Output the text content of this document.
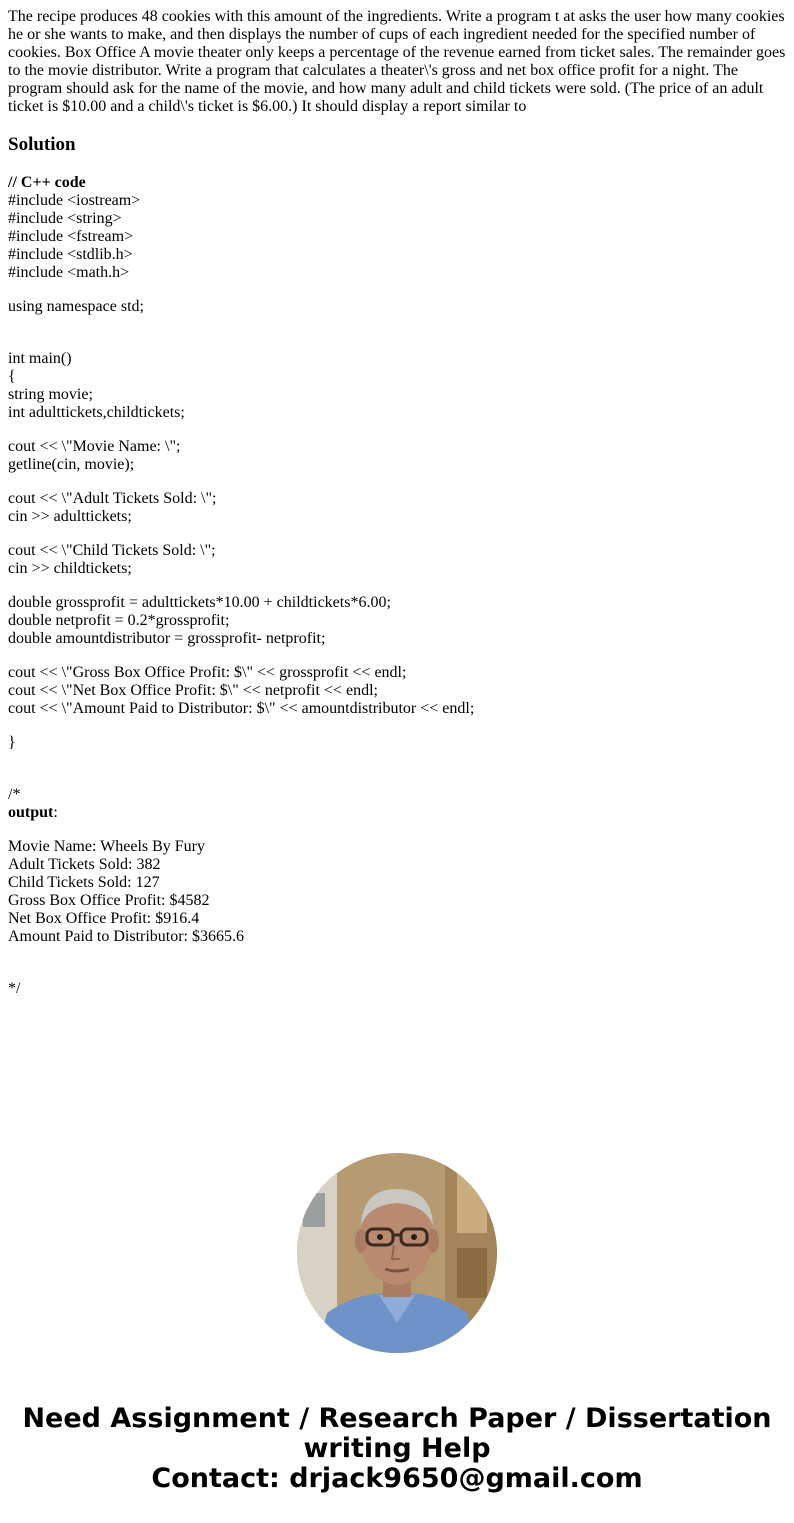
The recipe produces 48 cookies with this amount of the ingredients. Write a program t at asks the user how many cookies he or she wants to make, and then displays the number of cups of each ingredient needed for the specified number of cookies. Box Office A movie theater only keeps a percentage of the revenue earned from ticket sales. The remainder goes to the movie distributor. Write a program that calculates a theater\'s gross and net box office profit for a night. The program should ask for the name of the movie, and how many adult and child tickets were sold. (The price of an adult ticket is $10.00 and a child\'s ticket is $6.00.) It should display a report similar to

Solution
// C++ code
#include <iostream>
#include <string>
#include <fstream>
#include <stdlib.h>
#include <math.h>
using namespace std;
int main()
{
string movie;
int adulttickets,childtickets;
cout << \"Movie Name: \";
getline(cin, movie);
cout << \"Adult Tickets Sold: \";
cin >> adulttickets;
cout << \"Child Tickets Sold: \";
cin >> childtickets;
double grossprofit = adulttickets*10.00 + childtickets*6.00;
double netprofit = 0.2*grossprofit;
double amountdistributor = grossprofit- netprofit;
cout << \"Gross Box Office Profit: $\" << grossprofit << endl;
cout << \"Net Box Office Profit: $\" << netprofit << endl;
cout << \"Amount Paid to Distributor: $\" << amountdistributor << endl;
}
/*
output:
Movie Name: Wheels By Fury
Adult Tickets Sold: 382
Child Tickets Sold: 127
Gross Box Office Profit: $4582
Net Box Office Profit: $916.4
Amount Paid to Distributor: $3665.6
*/
Need Assignment / Research Paper / Dissertation
writing Help
Contact: drjack9650@gmail.com
